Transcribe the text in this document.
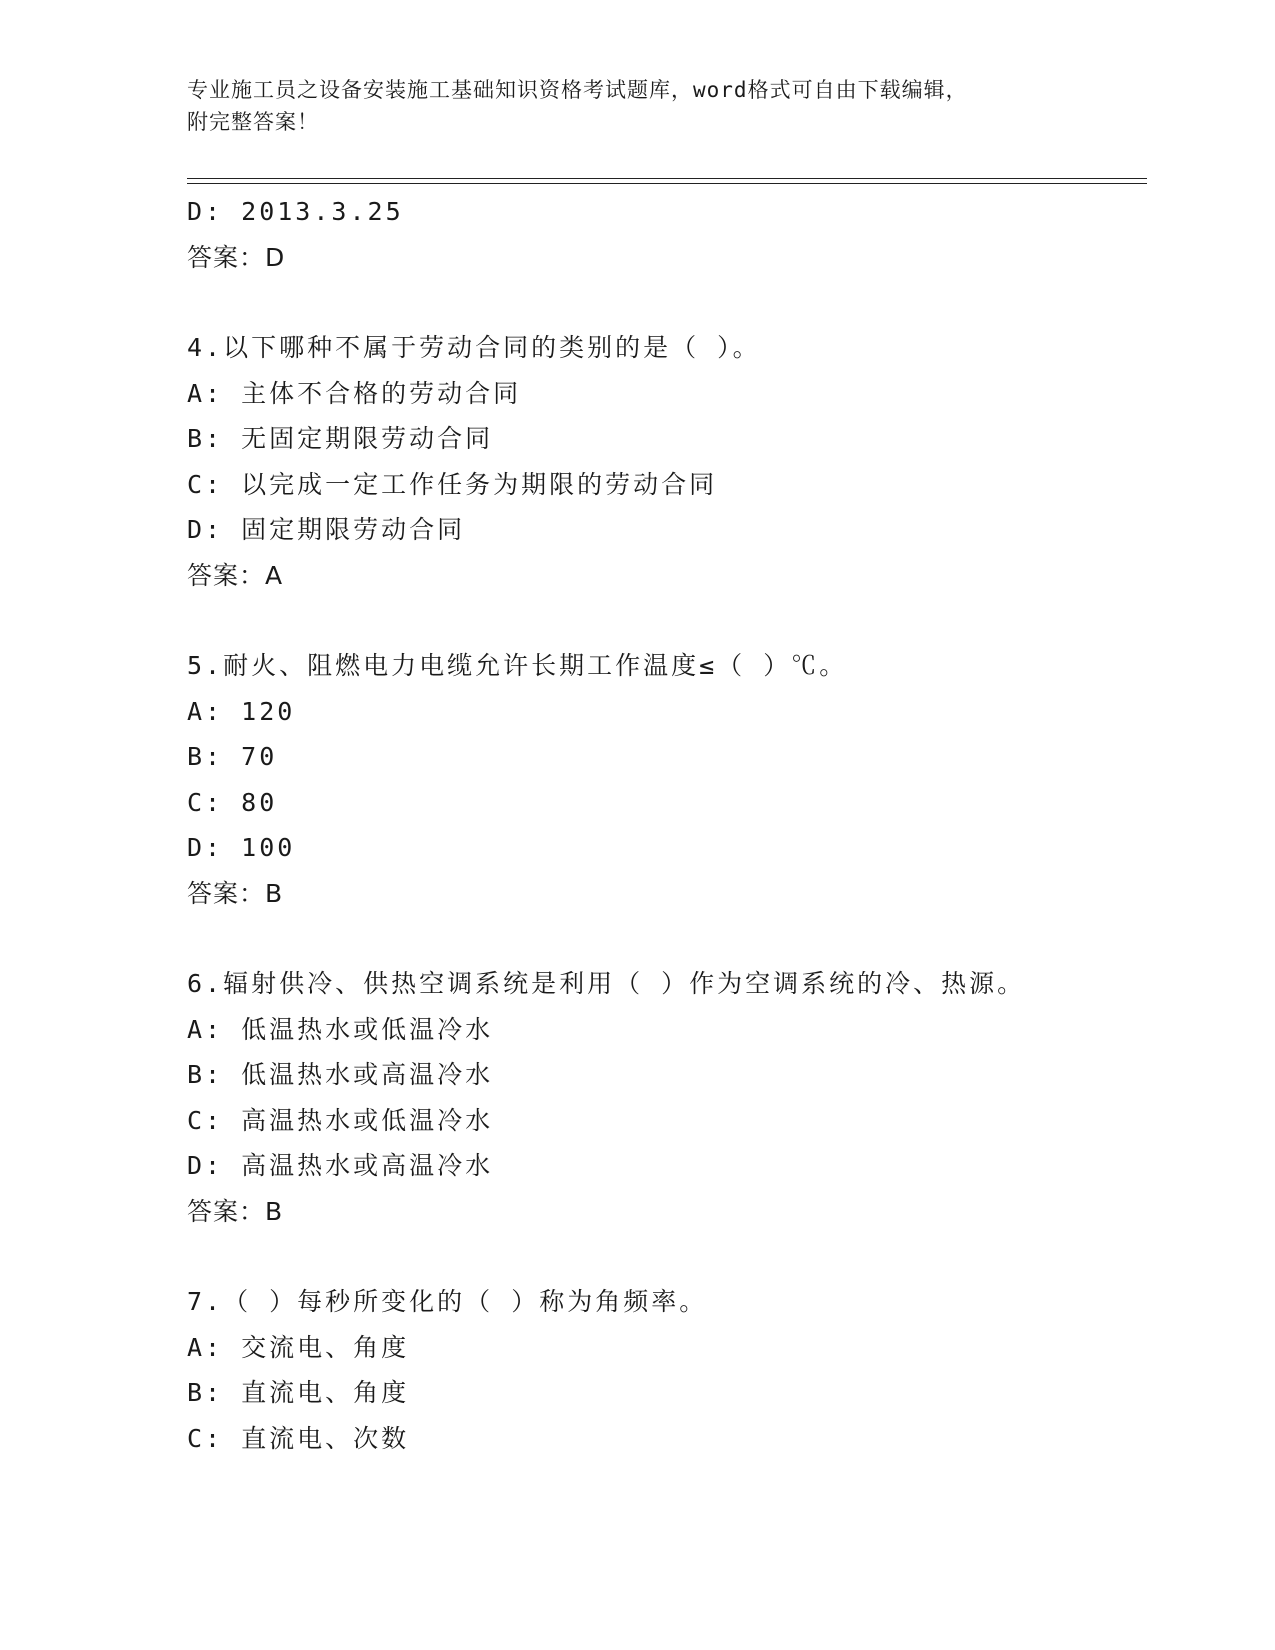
专业施工员之设备安装施工基础知识资格考试题库，word格式可自由下载编辑，
附完整答案！
D: 2013.3.25
答案：D
4.以下哪种不属于劳动合同的类别的是（ ）。
A: 主体不合格的劳动合同
B: 无固定期限劳动合同
C: 以完成一定工作任务为期限的劳动合同
D: 固定期限劳动合同
答案：A
5.耐火、阻燃电力电缆允许长期工作温度≤（ ）℃。
A: 120
B: 70
C: 80
D: 100
答案：B
6.辐射供冷、供热空调系统是利用（ ）作为空调系统的冷、热源。
A: 低温热水或低温冷水
B: 低温热水或高温冷水
C: 高温热水或低温冷水
D: 高温热水或高温冷水
答案：B
7.（ ）每秒所变化的（ ）称为角频率。
A: 交流电、角度
B: 直流电、角度
C: 直流电、次数
